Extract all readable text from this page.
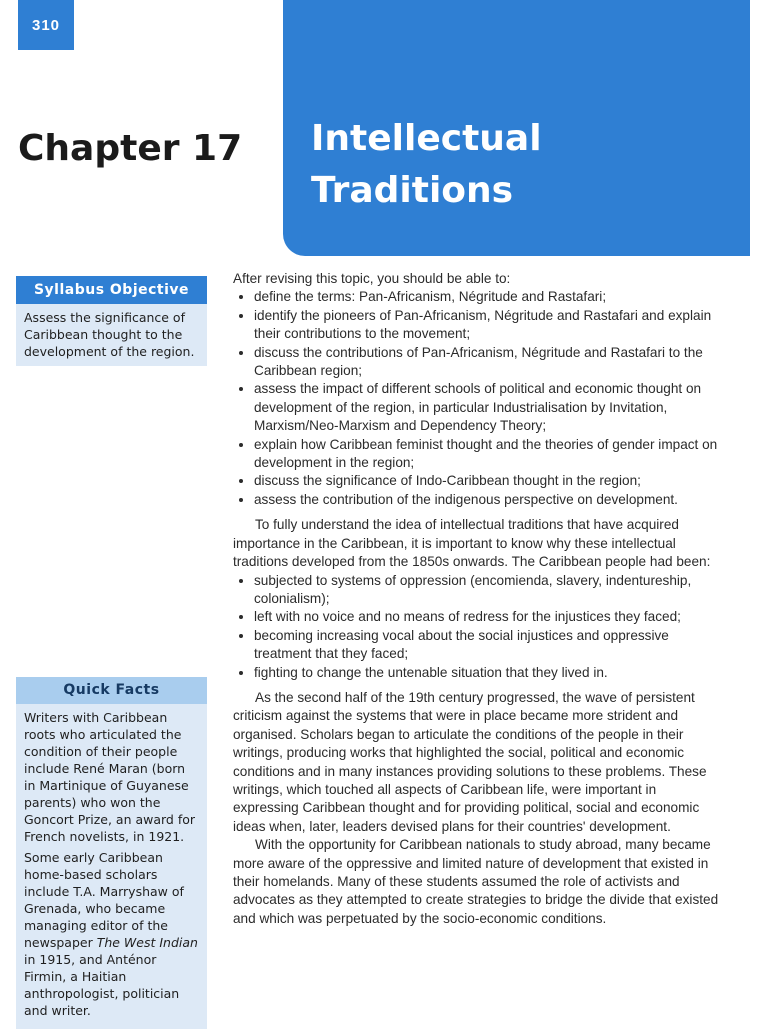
310
Chapter 17 Intellectual
Traditions
Syllabus Objective
Assess the significance of Caribbean thought to the development of the region.
Quick Facts

Writers with Caribbean roots who articulated the condition of their people include René Maran (born in Martinique of Guyanese parents) who won the Goncort Prize, an award for French novelists, in 1921.

Some early Caribbean home-based scholars include T.A. Marryshaw of Grenada, who became managing editor of the newspaper The West Indian in 1915, and Anténor Firmin, a Haitian anthropologist, politician and writer.

After revising this topic, you should be able to:

• define the terms: Pan-Africanism, Négritude and Rastafari;
• identify the pioneers of Pan-Africanism, Négritude and Rastafari and explain their contributions to the movement;
• discuss the contributions of Pan-Africanism, Négritude and Rastafari to the Caribbean region;
• assess the impact of different schools of political and economic thought on development of the region, in particular Industrialisation by Invitation, Marxism/Neo-Marxism and Dependency Theory;
• explain how Caribbean feminist thought and the theories of gender impact on development in the region;
• discuss the significance of Indo-Caribbean thought in the region;
• assess the contribution of the indigenous perspective on development.

To fully understand the idea of intellectual traditions that have acquired importance in the Caribbean, it is important to know why these intellectual traditions developed from the 1850s onwards. The Caribbean people had been:

• subjected to systems of oppression (encomienda, slavery, indentureship, colonialism);
• left with no voice and no means of redress for the injustices they faced;
• becoming increasing vocal about the social injustices and oppressive treatment that they faced;
• fighting to change the untenable situation that they lived in.

As the second half of the 19th century progressed, the wave of persistent criticism against the systems that were in place became more strident and organised. Scholars began to articulate the conditions of the people in their writings, producing works that highlighted the social, political and economic conditions and in many instances providing solutions to these problems. These writings, which touched all aspects of Caribbean life, were important in expressing Caribbean thought and for providing political, social and economic ideas when, later, leaders devised plans for their countries' development.

With the opportunity for Caribbean nationals to study abroad, many became more aware of the oppressive and limited nature of development that existed in their homelands. Many of these students assumed the role of activists and advocates as they attempted to create strategies to bridge the divide that existed and which was perpetuated by the socio-economic conditions.
